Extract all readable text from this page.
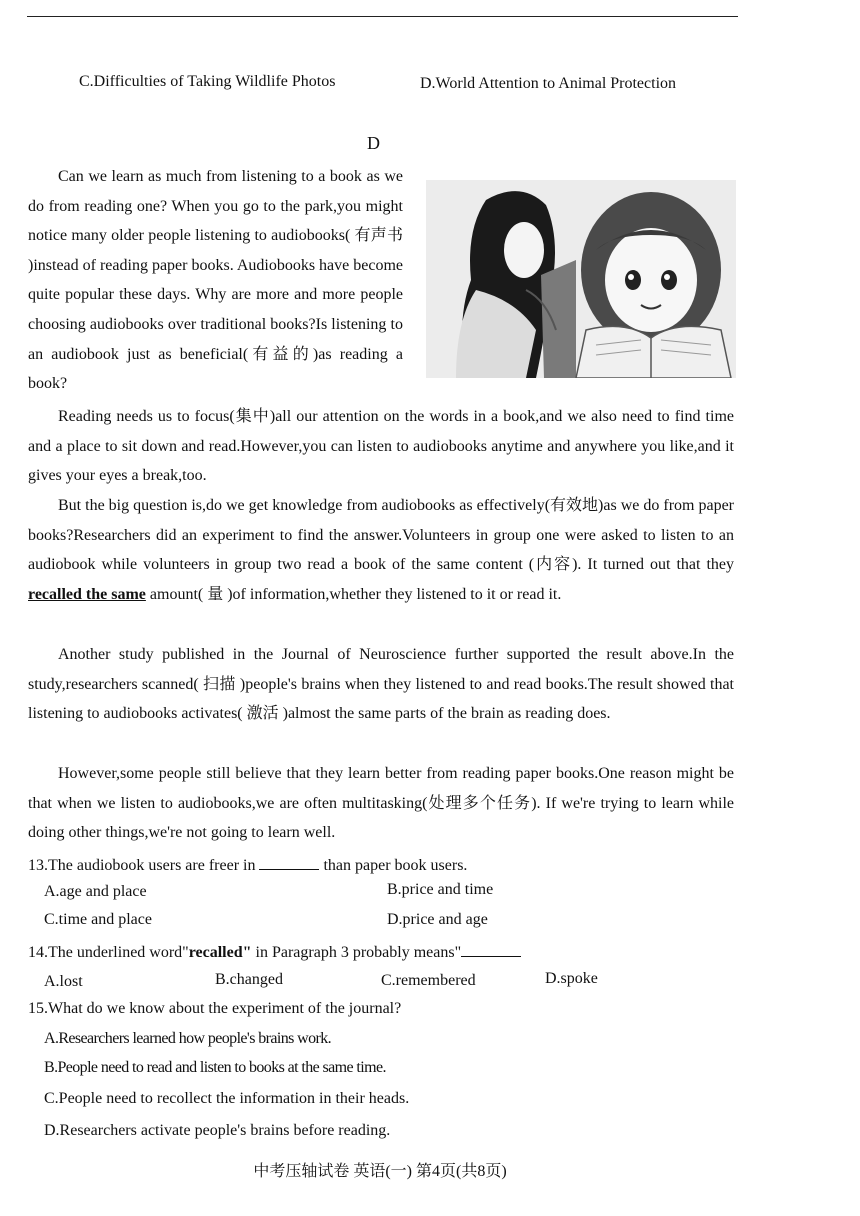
C.Difficulties of Taking Wildlife Photos	D.World Attention to Animal Protection
D

Can we learn as much from listening to a book as we do from reading one? When you go to the park,you might notice many older people listening to audiobooks( 有声书 )instead of reading paper books. Audiobooks have become quite popular these days. Why are more and more people choosing audiobooks over traditional books?Is listening to an audiobook just as beneficial(有益的)as reading a book?

Reading needs us to focus(集中)all our attention on the words in a book,and we also need to find time and a place to sit down and read.However,you can listen to audiobooks anytime and anywhere you like,and it gives your eyes a break,too.

But the big question is,do we get knowledge from audiobooks as effectively(有效地)as we do from paper books?Researchers did an experiment to find the answer.Volunteers in group one were asked to listen to an audiobook while volunteers in group two read a book of the same content (内容). It turned out that they recalled the same amount( 量 )of information,whether they listened to it or read it.

Another study published in the Journal of Neuroscience further supported the result above.In the study,researchers scanned( 扫描 )people's brains when they listened to and read books.The result showed that listening to audiobooks activates( 激活 )almost the same parts of the brain as reading does.

However,some people still believe that they learn better from reading paper books.One reason might be that when we listen to audiobooks,we are often multitasking(处理多个任务). If we're trying to learn while doing other things,we're not going to learn well.

13.The audiobook users are freer in	than paper book users.
A.age and place	B.price and time
C.time and place	D.price and age
14.The underlined word"recalled" in Paragraph 3 probably means"
A.lost	B.changed	C.remembered	D.spoke
15.What do we know about the experiment of the journal?
A.Researchers learned how people's brains work.
B.People need to read and listen to books at the same time.
C.People need to recollect the information in their heads.
D.Researchers activate people's brains before reading.
中考压轴试卷 英语(一) 第4页(共8页)
